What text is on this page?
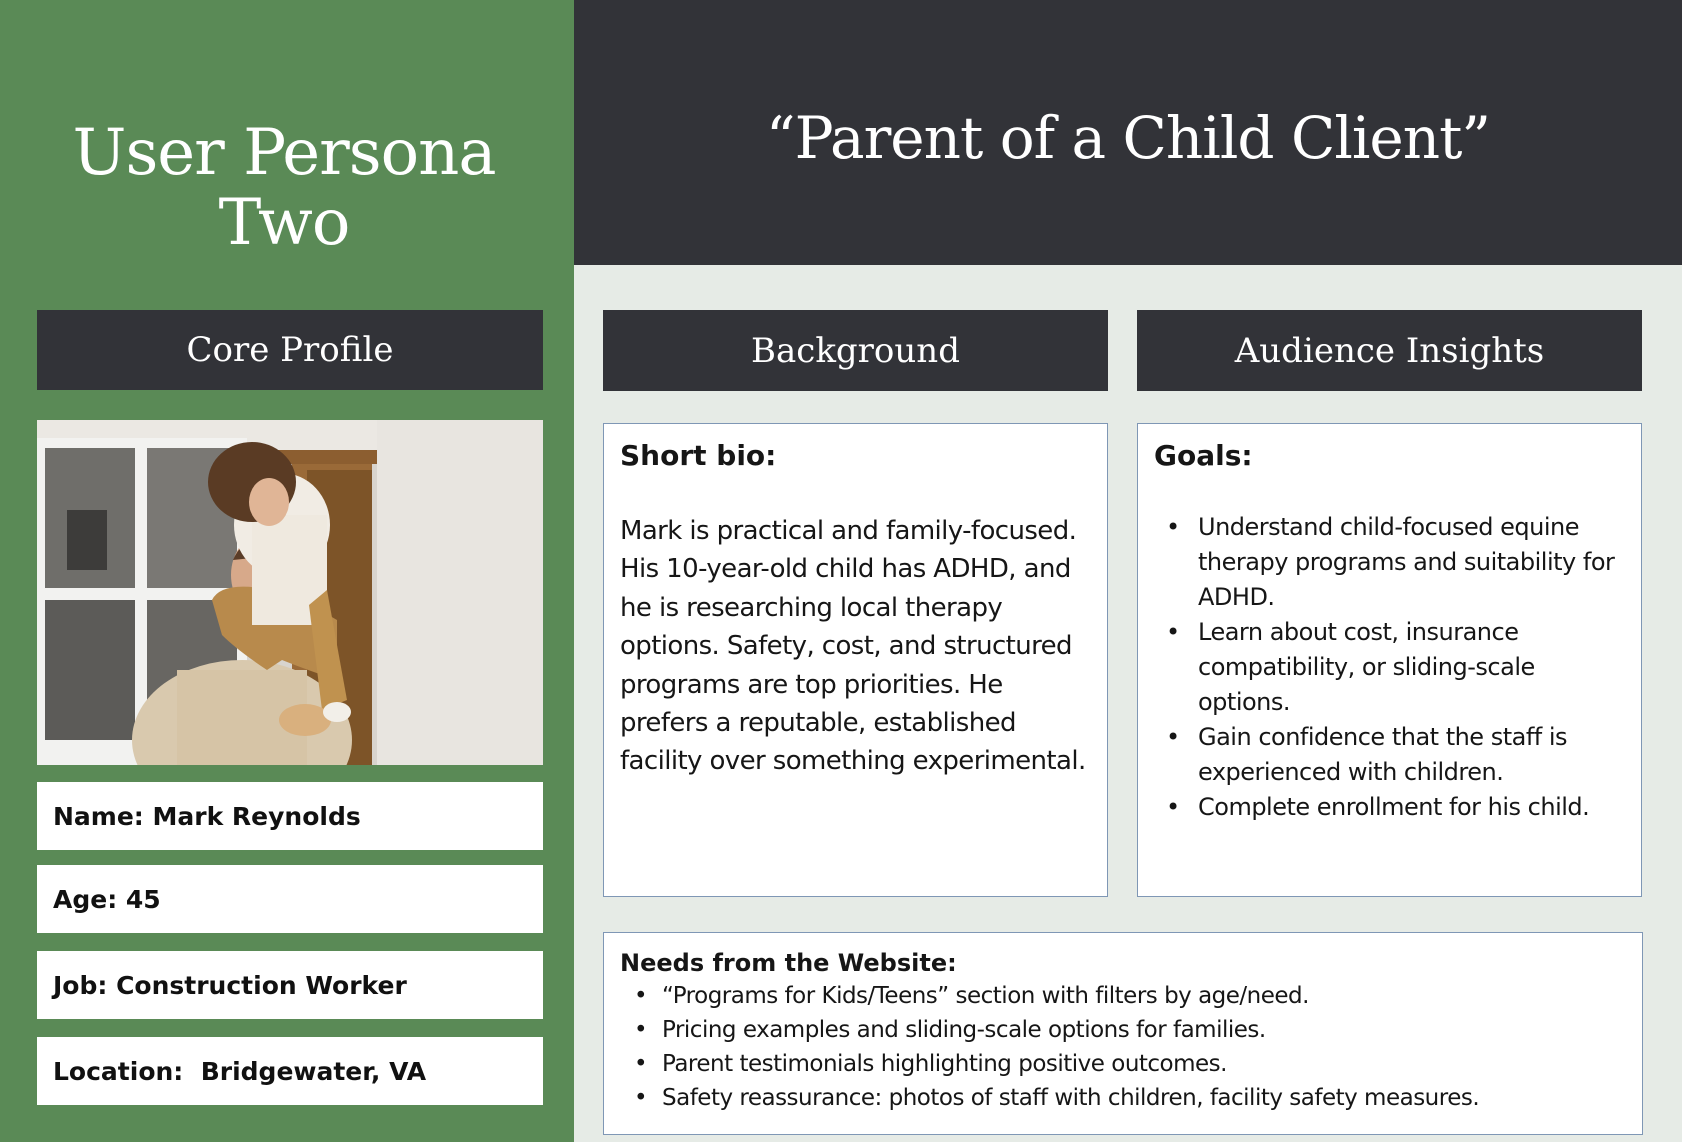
User Persona
Two
“Parent of a Child Client”
Core Profile	Background	Audience Insights
Name: Mark Reynolds
Age: 45
Job: Construction Worker
Location:  Bridgewater, VA
Short bio:
Mark is practical and family-focused. His 10-year-old child has ADHD, and he is researching local therapy options. Safety, cost, and structured programs are top priorities. He prefers a reputable, established facility over something experimental.
Goals:
• Understand child-focused equine therapy programs and suitability for ADHD.
• Learn about cost, insurance compatibility, or sliding-scale options.
• Gain confidence that the staff is experienced with children.
• Complete enrollment for his child.
Needs from the Website:
• “Programs for Kids/Teens” section with filters by age/need.
• Pricing examples and sliding-scale options for families.
• Parent testimonials highlighting positive outcomes.
• Safety reassurance: photos of staff with children, facility safety measures.
